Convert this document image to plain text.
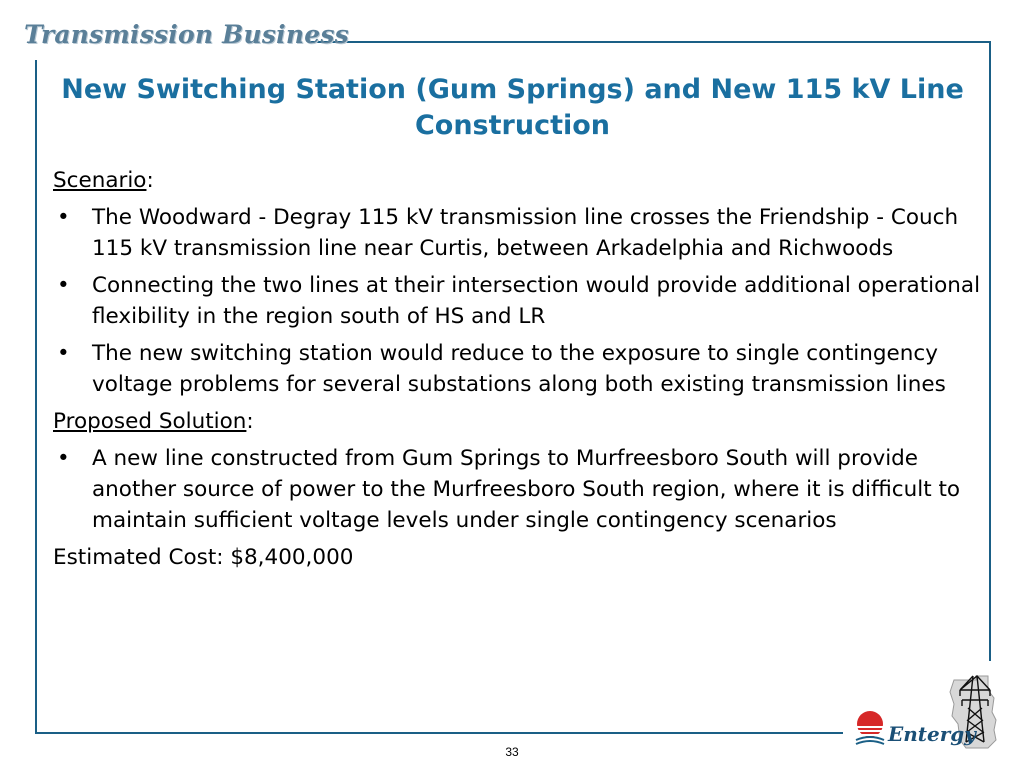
Transmission Business
New Switching Station (Gum Springs) and New 115 kV Line Construction

Scenario:

• The Woodward - Degray 115 kV transmission line crosses the Friendship - Couch 115 kV transmission line near Curtis, between Arkadelphia and Richwoods
• Connecting the two lines at their intersection would provide additional operational flexibility in the region south of HS and LR
• The new switching station would reduce to the exposure to single contingency voltage problems for several substations along both existing transmission lines

Proposed Solution:

• A new line constructed from Gum Springs to Murfreesboro South will provide another source of power to the Murfreesboro South region, where it is difficult to maintain sufficient voltage levels under single contingency scenarios

Estimated Cost: $8,400,000

33
Entergy
